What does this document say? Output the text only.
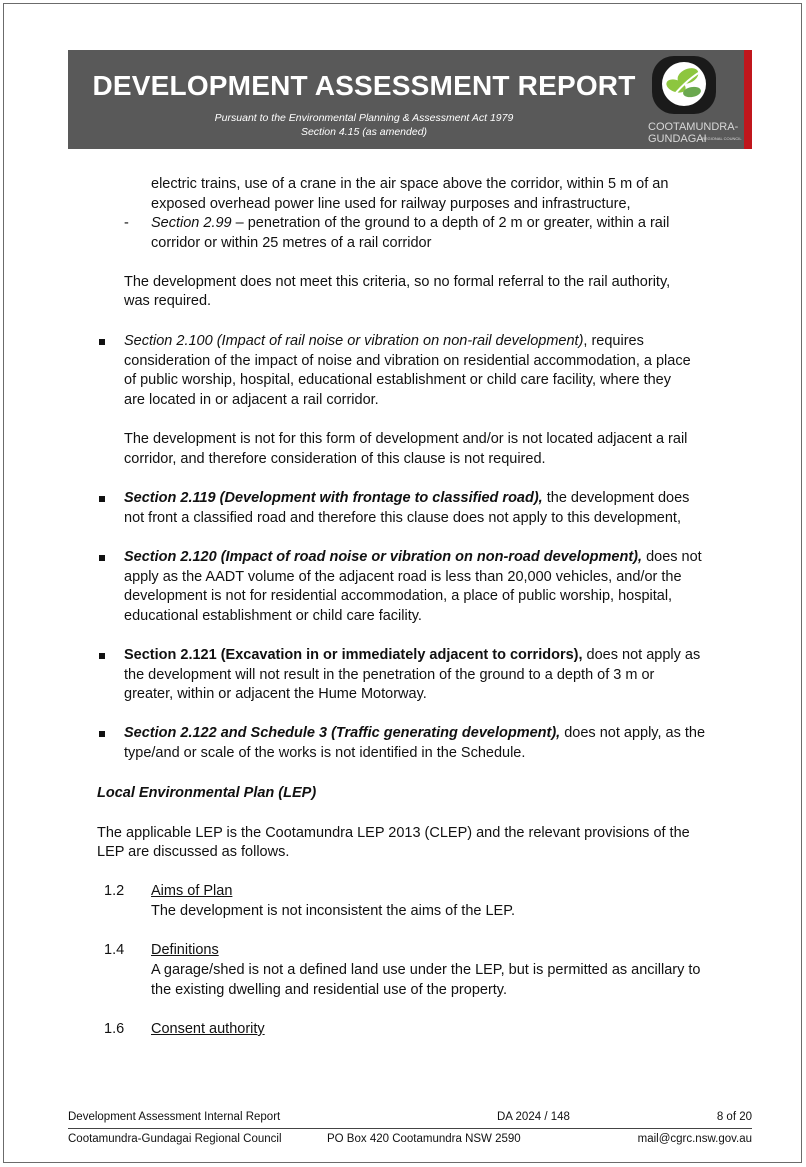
DEVELOPMENT ASSESSMENT REPORT
Pursuant to the Environmental Planning & Assessment Act 1979
Section 4.15 (as amended)	COOTAMUNDRA-
GUNDAGAI
REGIONAL COUNCIL
electric trains, use of a crane in the air space above the corridor, within 5 m of an
exposed overhead power line used for railway purposes and infrastructure,
- Section 2.99 – penetration of the ground to a depth of 2 m or greater, within a rail
corridor or within 25 metres of a rail corridor
The development does not meet this criteria, so no formal referral to the rail authority,
was required.
Section 2.100 (Impact of rail noise or vibration on non-rail development), requires
consideration of the impact of noise and vibration on residential accommodation, a place
of public worship, hospital, educational establishment or child care facility, where they
are located in or adjacent a rail corridor.
The development is not for this form of development and/or is not located adjacent a rail
corridor, and therefore consideration of this clause is not required.
Section 2.119 (Development with frontage to classified road), the development does
not front a classified road and therefore this clause does not apply to this development,
Section 2.120 (Impact of road noise or vibration on non-road development), does not
apply as the AADT volume of the adjacent road is less than 20,000 vehicles, and/or the
development is not for residential accommodation, a place of public worship, hospital,
educational establishment or child care facility.
Section 2.121 (Excavation in or immediately adjacent to corridors), does not apply as
the development will not result in the penetration of the ground to a depth of 3 m or
greater, within or adjacent the Hume Motorway.
Section 2.122 and Schedule 3 (Traffic generating development), does not apply, as the
type/and or scale of the works is not identified in the Schedule.
Local Environmental Plan (LEP)
The applicable LEP is the Cootamundra LEP 2013 (CLEP) and the relevant provisions of the
LEP are discussed as follows.
1.2 Aims of Plan
The development is not inconsistent the aims of the LEP.
1.4 Definitions
A garage/shed is not a defined land use under the LEP, but is permitted as ancillary to
the existing dwelling and residential use of the property.
1.6 Consent authority
Development Assessment Internal Report	DA 2024 / 148	8 of 20
Cootamundra-Gundagai Regional Council	PO Box 420 Cootamundra NSW 2590	mail@cgrc.nsw.gov.au
